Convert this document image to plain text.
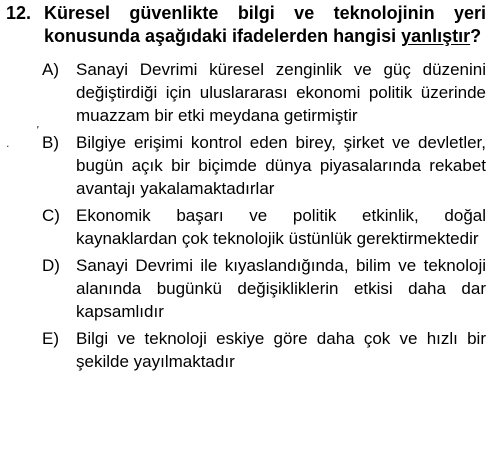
12. Küresel güvenlikte bilgi ve teknolojinin yeri konusunda aşağıdaki ifadelerden hangisi yanlıştır?
A)	Sanayi Devrimi küresel zenginlik ve güç düzenini değiştirdiği için uluslararası ekonomi politik üzerinde muazzam bir etki meydana getirmiştir
B)	Bilgiye erişimi kontrol eden birey, şirket ve devletler, bugün açık bir biçimde dünya piyasalarında rekabet avantajı yakalamaktadırlar
C) Ekonomik başarı ve politik etkinlik, doğal kaynaklardan çok teknolojik üstünlük gerektirmektedir
D) Sanayi Devrimi ile kıyaslandığında, bilim ve teknoloji alanında bugünkü değişikliklerin etkisi daha dar kapsamlıdır
E)	Bilgi ve teknoloji eskiye göre daha çok ve hızlı bir şekilde yayılmaktadır
·
ʼ
